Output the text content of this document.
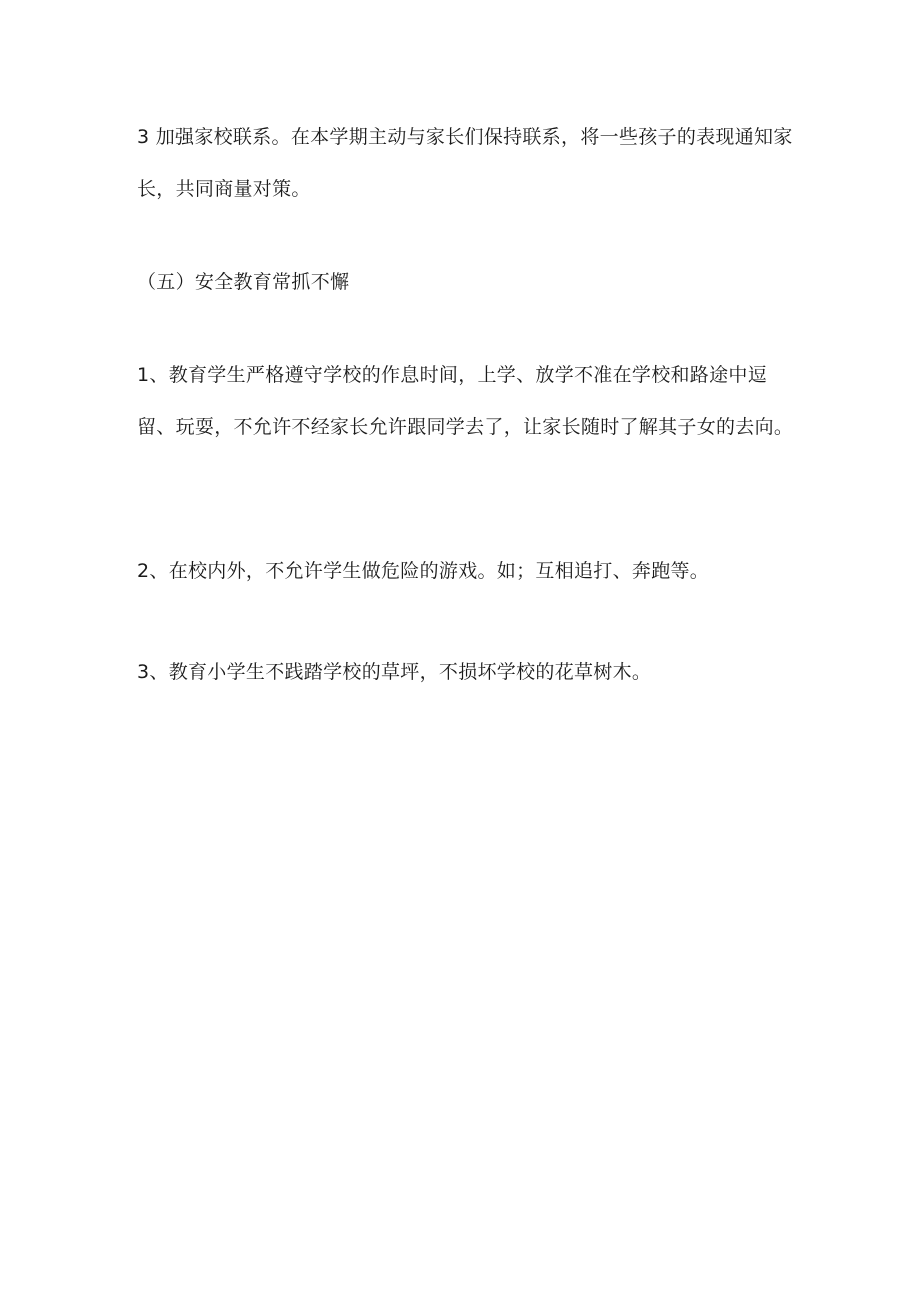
3 加强家校联系。在本学期主动与家长们保持联系，将一些孩子的表现通知家长，共同商量对策。

（五）安全教育常抓不懈

1、教育学生严格遵守学校的作息时间，上学、放学不准在学校和路途中逗留、玩耍，不允许不经家长允许跟同学去了，让家长随时了解其子女的去向。

2、在校内外，不允许学生做危险的游戏。如；互相追打、奔跑等。

3、教育小学生不践踏学校的草坪，不损坏学校的花草树木。
